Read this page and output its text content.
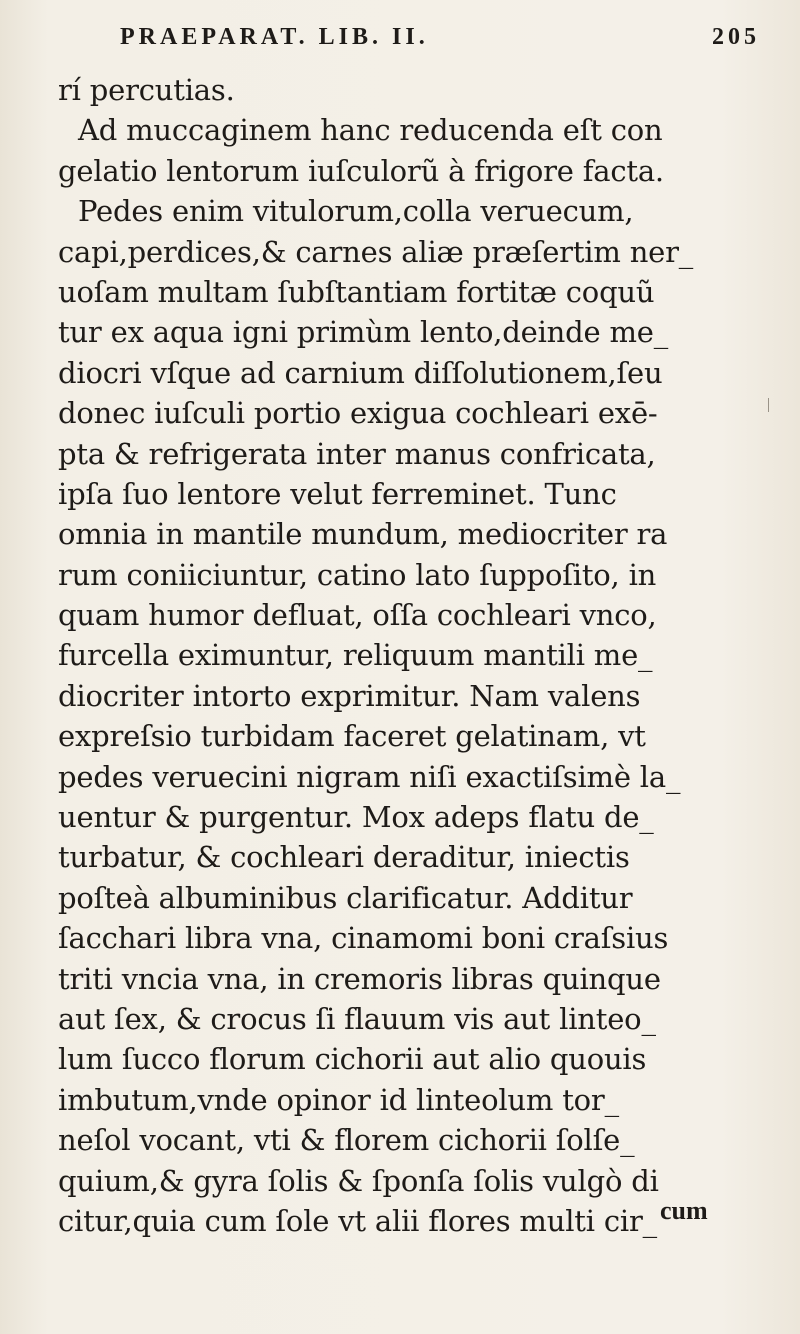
PRAEPARAT. LIB. II.	205
rí percutias.
Ad muccaginem hanc reducenda eſt con
gelatio lentorum iuſculorũ à frigore facta.
Pedes enim vitulorum,colla veruecum,
capi,perdices,& carnes aliæ præſertim ner_
uoſam multam ſubſtantiam fortitæ coquũ
tur ex aqua igni primùm lento,deinde me_
diocri vſque ad carnium diſſolutionem,ſeu
donec iuſculi portio exigua cochleari exē-
pta & refrigerata inter manus confricata,
ipſa ſuo lentore velut ferreminet. Tunc
omnia in mantile mundum, mediocriter ra
rum coniiciuntur, catino lato ſuppoſito, in
quam humor defluat, oſſa cochleari vnco,
furcella eximuntur, reliquum mantili me_
diocriter intorto exprimitur. Nam valens
expreſsio turbidam faceret gelatinam, vt
pedes veruecini nigram niſi exactiſsimè la_
uentur & purgentur. Mox adeps flatu de_
turbatur, & cochleari deraditur, iniectis
poſteà albuminibus clarificatur. Additur
ſacchari libra vna, cinamomi boni craſsius
triti vncia vna, in cremoris libras quinque
aut ſex, & crocus ſi flauum vis aut linteo_
lum ſucco florum cichorii aut alio quouis
imbutum,vnde opinor id linteolum tor_
neſol vocant, vti & florem cichorii ſolſe_
quium,& gyra ſolis & ſponſa ſolis vulgò di
citur,quia cum ſole vt alii flores multi cir_ cum
